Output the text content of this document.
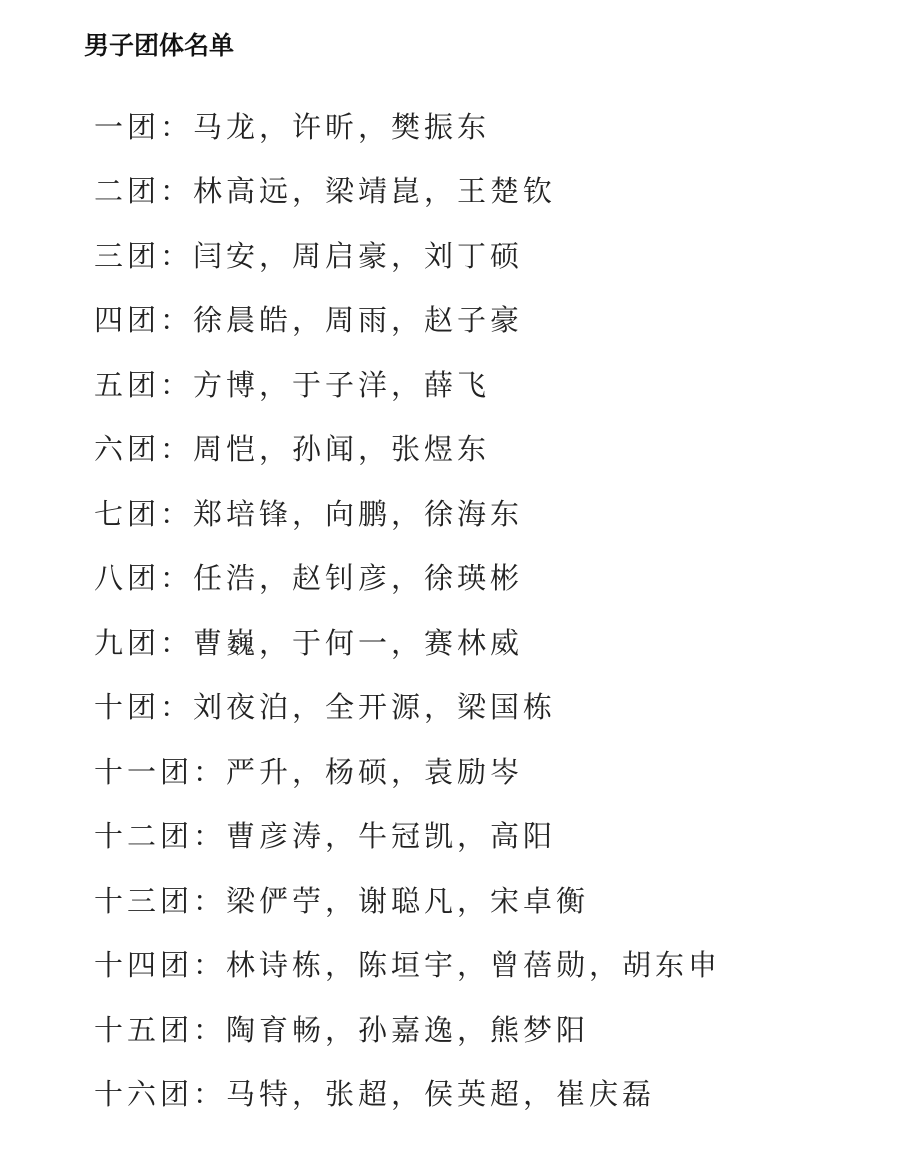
男子团体名单
一团 ： 马龙，许昕，樊振东
二团 ： 林高远，梁靖崑，王楚钦
三团 ： 闫安，周启豪，刘丁硕
四团 ： 徐晨皓，周雨，赵子豪
五团 ： 方博，于子洋，薛飞
六团 ： 周恺，孙闻，张煜东
七团 ： 郑培锋，向鹏，徐海东
八团 ： 任浩，赵钊彦，徐瑛彬
九团 ： 曹巍，于何一，赛林威
十团 ： 刘夜泊，全开源，梁国栋
十一团 ： 严升，杨硕，袁励岑
十二团 ： 曹彦涛，牛冠凯，高阳
十三团 ： 梁俨苧，谢聪凡，宋卓衡
十四团 ： 林诗栋，陈垣宇，曾蓓勋，胡东申
十五团 ： 陶育畅，孙嘉逸，熊梦阳
十六团 ： 马特，张超，侯英超，崔庆磊
